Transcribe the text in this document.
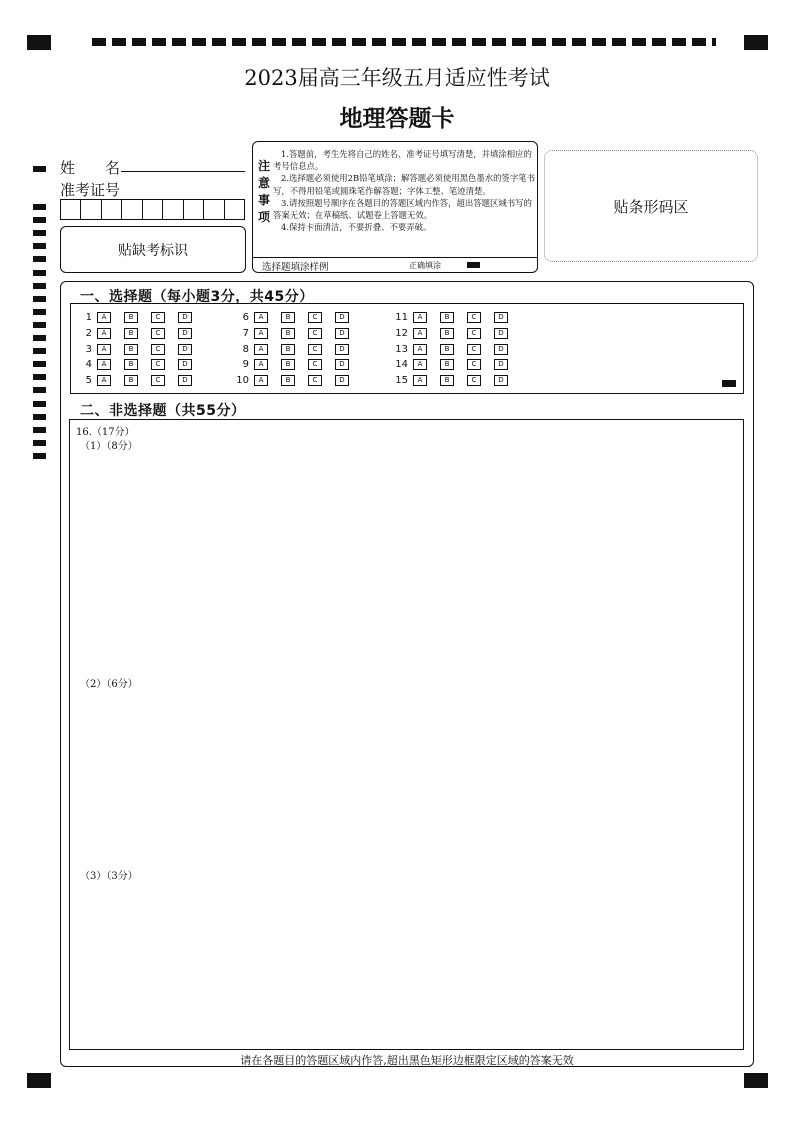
2023届高三年级五月适应性考试
地理答题卡
姓　　名
准考证号
贴缺考标识
注
意
事
项

1.答题前，考生先将自己的姓名、准考证号填写清楚，并填涂相应的考号信息点。

2.选择题必须使用2B铅笔填涂；解答题必须使用黑色墨水的签字笔书写，不得用铅笔或圆珠笔作解答题；字体工整、笔迹清楚。

3.请按照题号顺序在各题目的答题区域内作答，超出答题区域书写的答案无效；在草稿纸、试题卷上答题无效。

4.保持卡面清洁，不要折叠、不要弄破。

选择题填涂样例	正确填涂
贴条形码区
一、选择题（每小题3分，共45分）
1	A	B	C	D
2	A	B	C	D
3	A	B	C	D
4	A	B	C	D
5	A	B	C	D
6	A	B	C	D
7	A	B	C	D
8	A	B	C	D
9	A	B	C	D
10	A	B	C	D
11	A	B	C	D
12	A	B	C	D
13	A	B	C	D
14	A	B	C	D
15	A	B	C	D
二、非选择题（共55分）
16.（17分）
（1）（8分）
（2）（6分）
（3）（3分）
请在各题目的答题区域内作答,超出黑色矩形边框限定区域的答案无效
